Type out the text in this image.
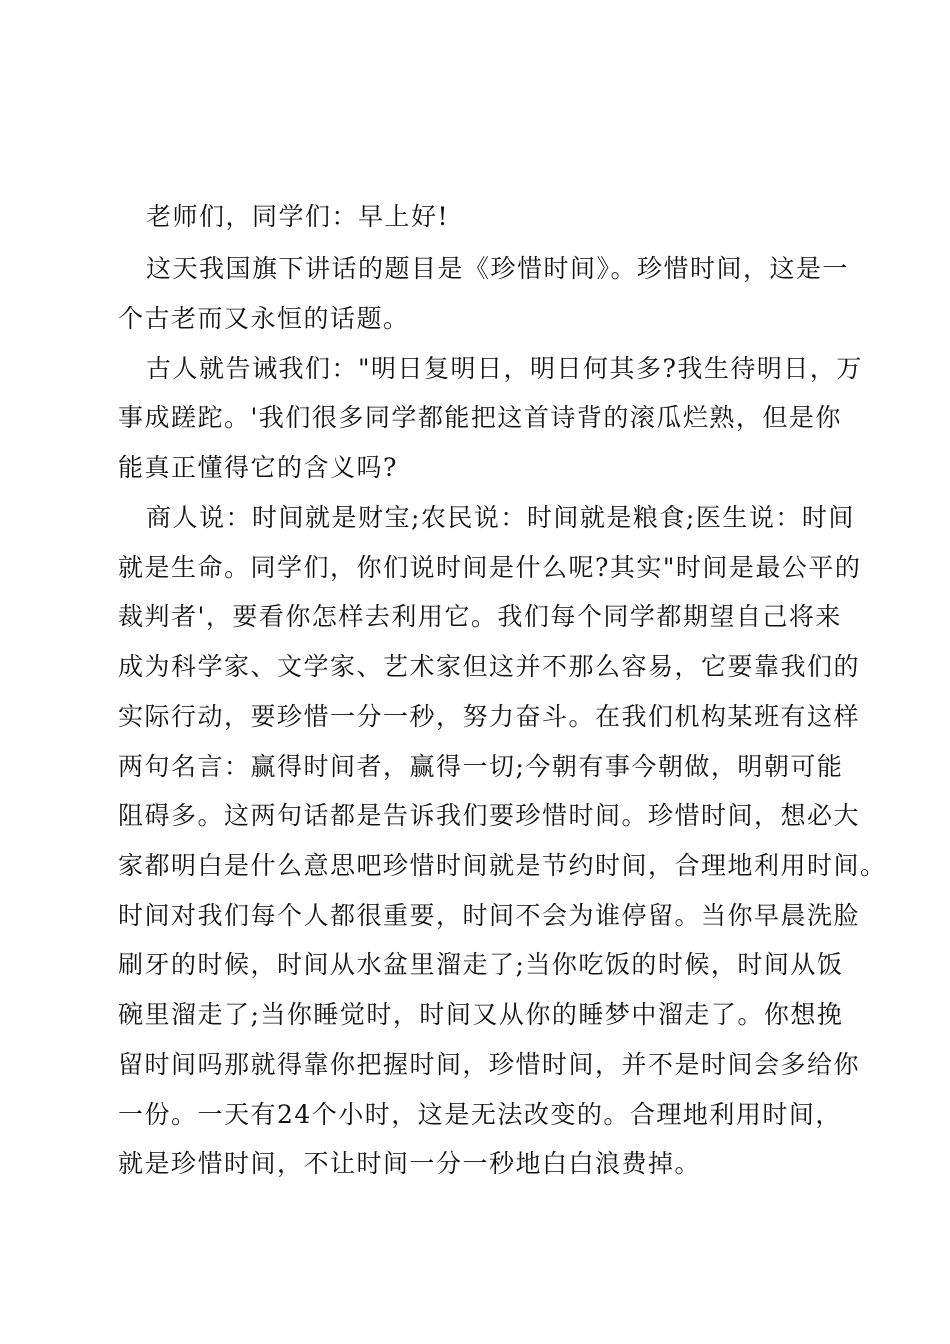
老师们，同学们：早上好!
这天我国旗下讲话的题目是《珍惜时间》。珍惜时间，这是一
个古老而又永恒的话题。
古人就告诫我们："明日复明日，明日何其多?我生待明日，万
事成蹉跎。'我们很多同学都能把这首诗背的滚瓜烂熟，但是你
能真正懂得它的含义吗?
商人说：时间就是财宝;农民说：时间就是粮食;医生说：时间
就是生命。同学们，你们说时间是什么呢?其实"时间是最公平的
裁判者'，要看你怎样去利用它。我们每个同学都期望自己将来
成为科学家、文学家、艺术家但这并不那么容易，它要靠我们的
实际行动，要珍惜一分一秒，努力奋斗。在我们机构某班有这样
两句名言：赢得时间者，赢得一切;今朝有事今朝做，明朝可能
阻碍多。这两句话都是告诉我们要珍惜时间。珍惜时间，想必大
家都明白是什么意思吧珍惜时间就是节约时间，合理地利用时间。
时间对我们每个人都很重要，时间不会为谁停留。当你早晨洗脸
刷牙的时候，时间从水盆里溜走了;当你吃饭的时候，时间从饭
碗里溜走了;当你睡觉时，时间又从你的睡梦中溜走了。你想挽
留时间吗那就得靠你把握时间，珍惜时间，并不是时间会多给你
一份。一天有24个小时，这是无法改变的。合理地利用时间，
就是珍惜时间，不让时间一分一秒地白白浪费掉。
